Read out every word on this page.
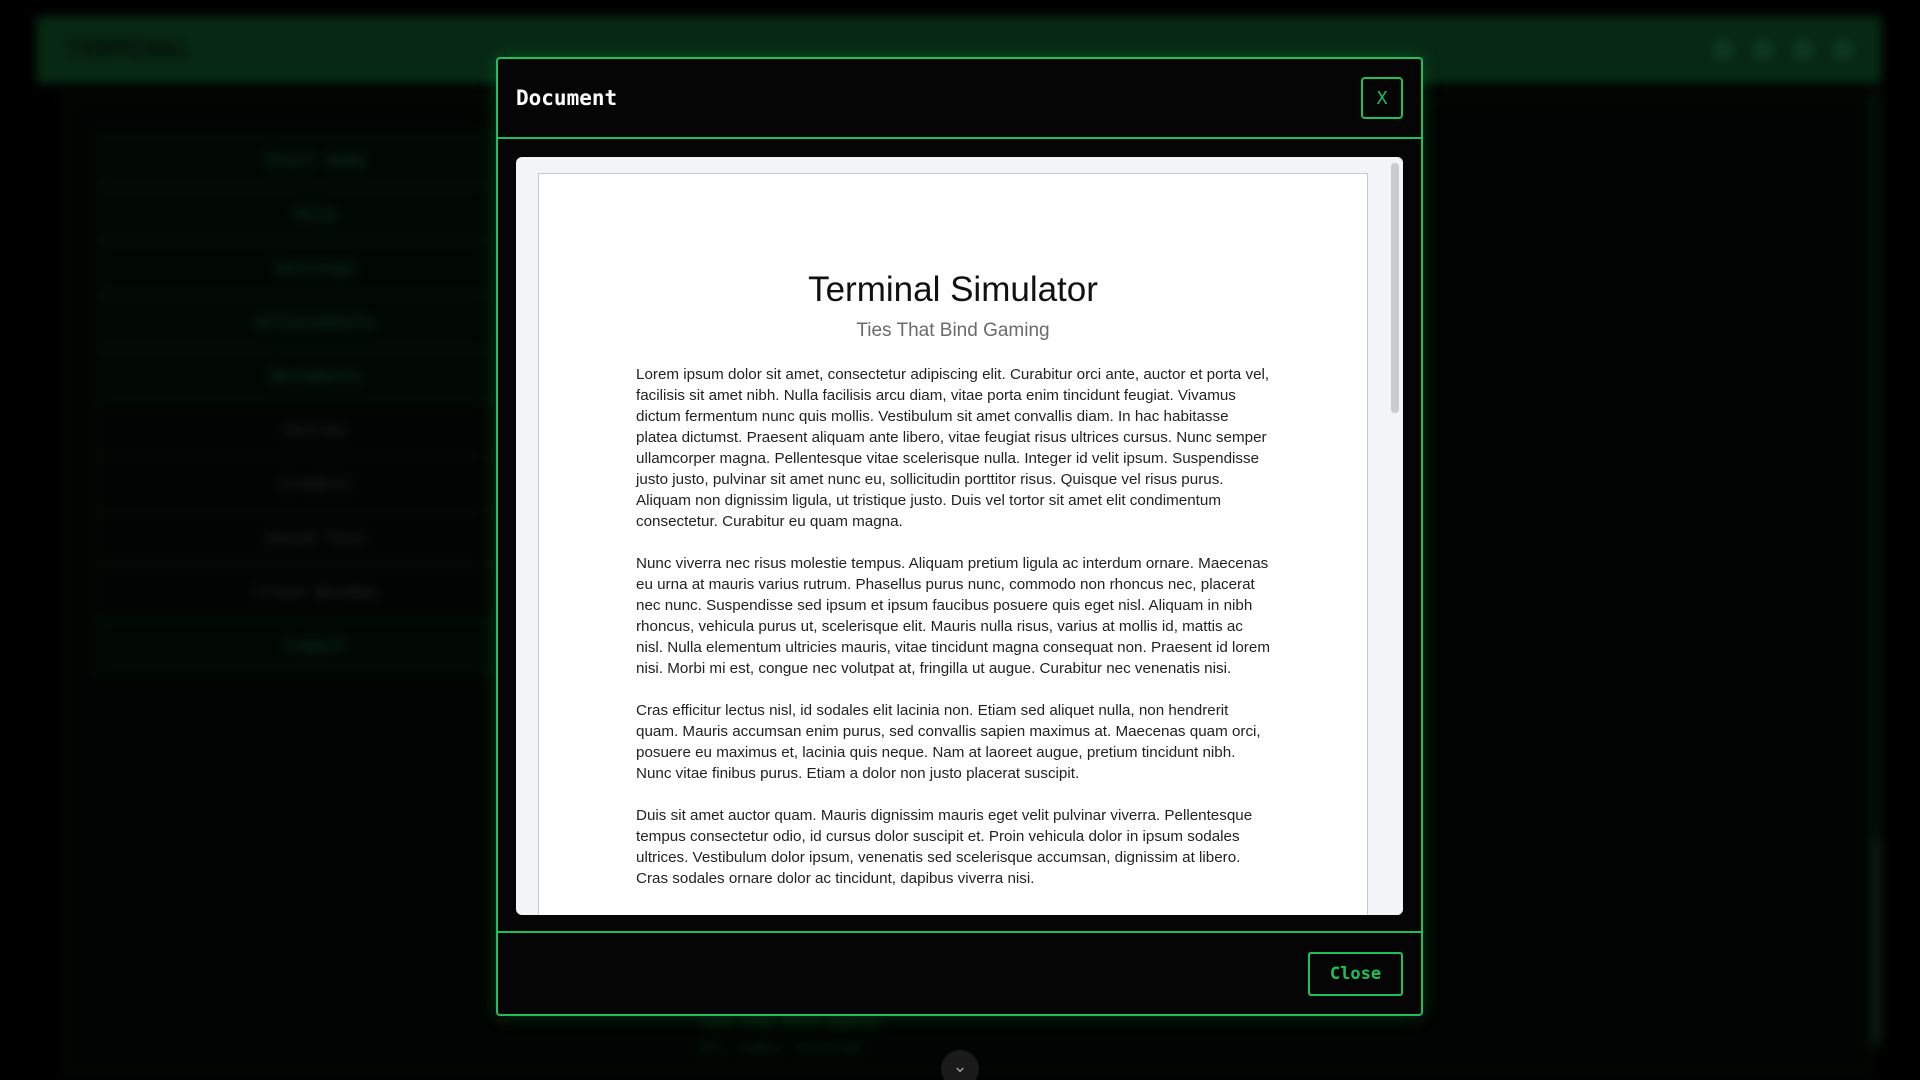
TERMINAL
Start Game
Help
Settings
Achievements
Documents
Extras
Credits
Sound Test
Close Window
Logout
Ties That Bind Gaming
All rights reserved
Document	X
Terminal Simulator
Ties That Bind Gaming

Lorem ipsum dolor sit amet, consectetur adipiscing elit. Curabitur orci ante, auctor et porta vel, facilisis sit amet nibh. Nulla facilisis arcu diam, vitae porta enim tincidunt feugiat. Vivamus dictum fermentum nunc quis mollis. Vestibulum sit amet convallis diam. In hac habitasse platea dictumst. Praesent aliquam ante libero, vitae feugiat risus ultrices cursus. Nunc semper ullamcorper magna. Pellentesque vitae scelerisque nulla. Integer id velit ipsum. Suspendisse justo justo, pulvinar sit amet nunc eu, sollicitudin porttitor risus. Quisque vel risus purus. Aliquam non dignissim ligula, ut tristique justo. Duis vel tortor sit amet elit condimentum consectetur. Curabitur eu quam magna.

Nunc viverra nec risus molestie tempus. Aliquam pretium ligula ac interdum ornare. Maecenas eu urna at mauris varius rutrum. Phasellus purus nunc, commodo non rhoncus nec, placerat nec nunc. Suspendisse sed ipsum et ipsum faucibus posuere quis eget nisl. Aliquam in nibh rhoncus, vehicula purus ut, scelerisque elit. Mauris nulla risus, varius at mollis id, mattis ac nisl. Nulla elementum ultricies mauris, vitae tincidunt magna consequat non. Praesent id lorem nisi. Morbi mi est, congue nec volutpat at, fringilla ut augue. Curabitur nec venenatis nisi.

Cras efficitur lectus nisl, id sodales elit lacinia non. Etiam sed aliquet nulla, non hendrerit quam. Mauris accumsan enim purus, sed convallis sapien maximus at. Maecenas quam orci, posuere eu maximus et, lacinia quis neque. Nam at laoreet augue, pretium tincidunt nibh. Nunc vitae finibus purus. Etiam a dolor non justo placerat suscipit.

Duis sit amet auctor quam. Mauris dignissim mauris eget velit pulvinar viverra. Pellentesque tempus consectetur odio, id cursus dolor suscipit et. Proin vehicula dolor in ipsum sodales ultrices. Vestibulum dolor ipsum, venenatis sed scelerisque accumsan, dignissim at libero. Cras sodales ornare dolor ac tincidunt, dapibus viverra nisi.

Close
⌄
